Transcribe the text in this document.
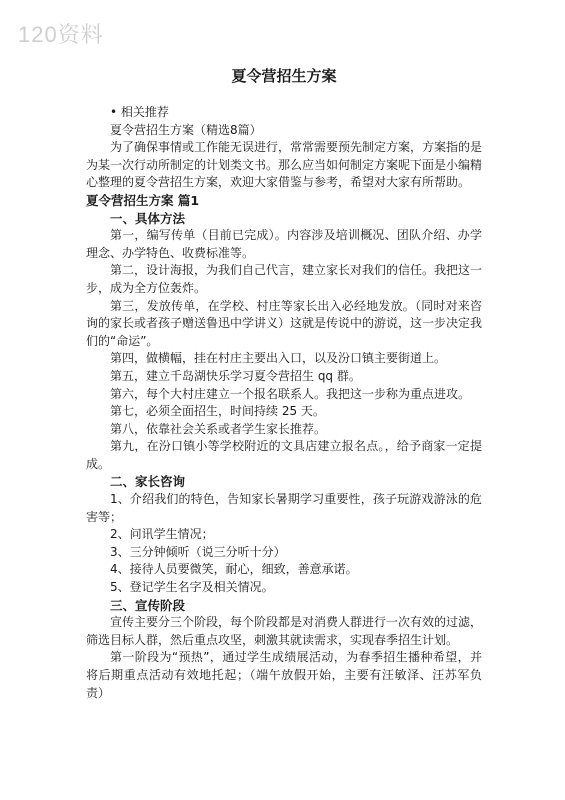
120资料
夏令营招生方案

• 相关推荐

夏令营招生方案（精选8篇）

为了确保事情或工作能无误进行，常常需要预先制定方案，方案指的是为某一次行动所制定的计划类文书。那么应当如何制定方案呢下面是小编精心整理的夏令营招生方案，欢迎大家借鉴与参考，希望对大家有所帮助。

夏令营招生方案 篇1

一、具体方法

第一，编写传单（目前已完成）。内容涉及培训概况、团队介绍、办学理念、办学特色、收费标准等。

第二，设计海报，为我们自己代言，建立家长对我们的信任。我把这一步，成为全方位轰炸。

第三，发放传单，在学校、村庄等家长出入必经地发放。（同时对来咨询的家长或者孩子赠送鲁迅中学讲义）这就是传说中的游说，这一步决定我们的“命运”。

第四，做横幅，挂在村庄主要出入口，以及汾口镇主要街道上。

第五，建立千岛湖快乐学习夏令营招生 qq 群。

第六，每个大村庄建立一个报名联系人。我把这一步称为重点进攻。

第七，必须全面招生，时间持续 25 天。

第八，依靠社会关系或者学生家长推荐。

第九，在汾口镇小等学校附近的文具店建立报名点。，给予商家一定提成。

二、家长咨询

1、介绍我们的特色，告知家长暑期学习重要性，孩子玩游戏游泳的危害等；

2、问讯学生情况；

3、三分钟倾听（说三分听十分）

4、接待人员要微笑，耐心，细致，善意承诺。

5、登记学生名字及相关情况。

三、宣传阶段

宣传主要分三个阶段，每个阶段都是对消费人群进行一次有效的过滤，筛选目标人群，然后重点攻坚，刺激其就读需求，实现春季招生计划。

第一阶段为“预热”，通过学生成绩展活动，为春季招生播种希望，并将后期重点活动有效地托起；（端午放假开始，主要有汪敏泽、汪苏军负责）
